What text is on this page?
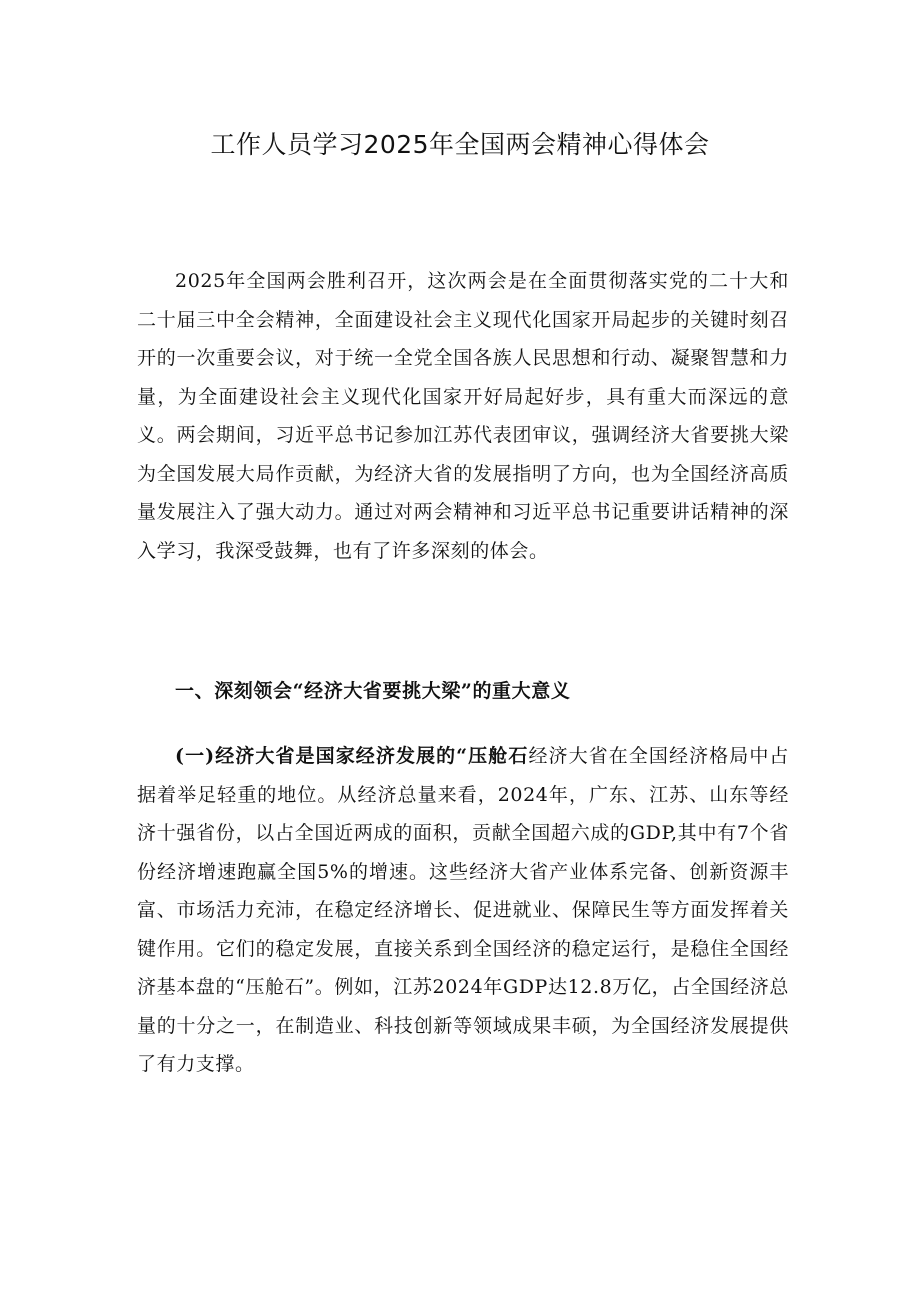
工作人员学习2025年全国两会精神心得体会

2025年全国两会胜利召开，这次两会是在全面贯彻落实党的二十大和二十届三中全会精神，全面建设社会主义现代化国家开局起步的关键时刻召开的一次重要会议，对于统一全党全国各族人民思想和行动、凝聚智慧和力量，为全面建设社会主义现代化国家开好局起好步，具有重大而深远的意义。两会期间，习近平总书记参加江苏代表团审议，强调经济大省要挑大梁为全国发展大局作贡献，为经济大省的发展指明了方向，也为全国经济高质量发展注入了强大动力。通过对两会精神和习近平总书记重要讲话精神的深入学习，我深受鼓舞，也有了许多深刻的体会。

一、深刻领会“经济大省要挑大梁”的重大意义

(一)经济大省是国家经济发展的“压舱石经济大省在全国经济格局中占据着举足轻重的地位。从经济总量来看，2024年，广东、江苏、山东等经济十强省份，以占全国近两成的面积，贡献全国超六成的GDP,其中有7个省份经济增速跑赢全国5%的增速。这些经济大省产业体系完备、创新资源丰富、市场活力充沛，在稳定经济增长、促进就业、保障民生等方面发挥着关键作用。它们的稳定发展，直接关系到全国经济的稳定运行，是稳住全国经济基本盘的“压舱石”。例如，江苏2024年GDP达12.8万亿，占全国经济总量的十分之一，在制造业、科技创新等领域成果丰硕，为全国经济发展提供了有力支撑。
